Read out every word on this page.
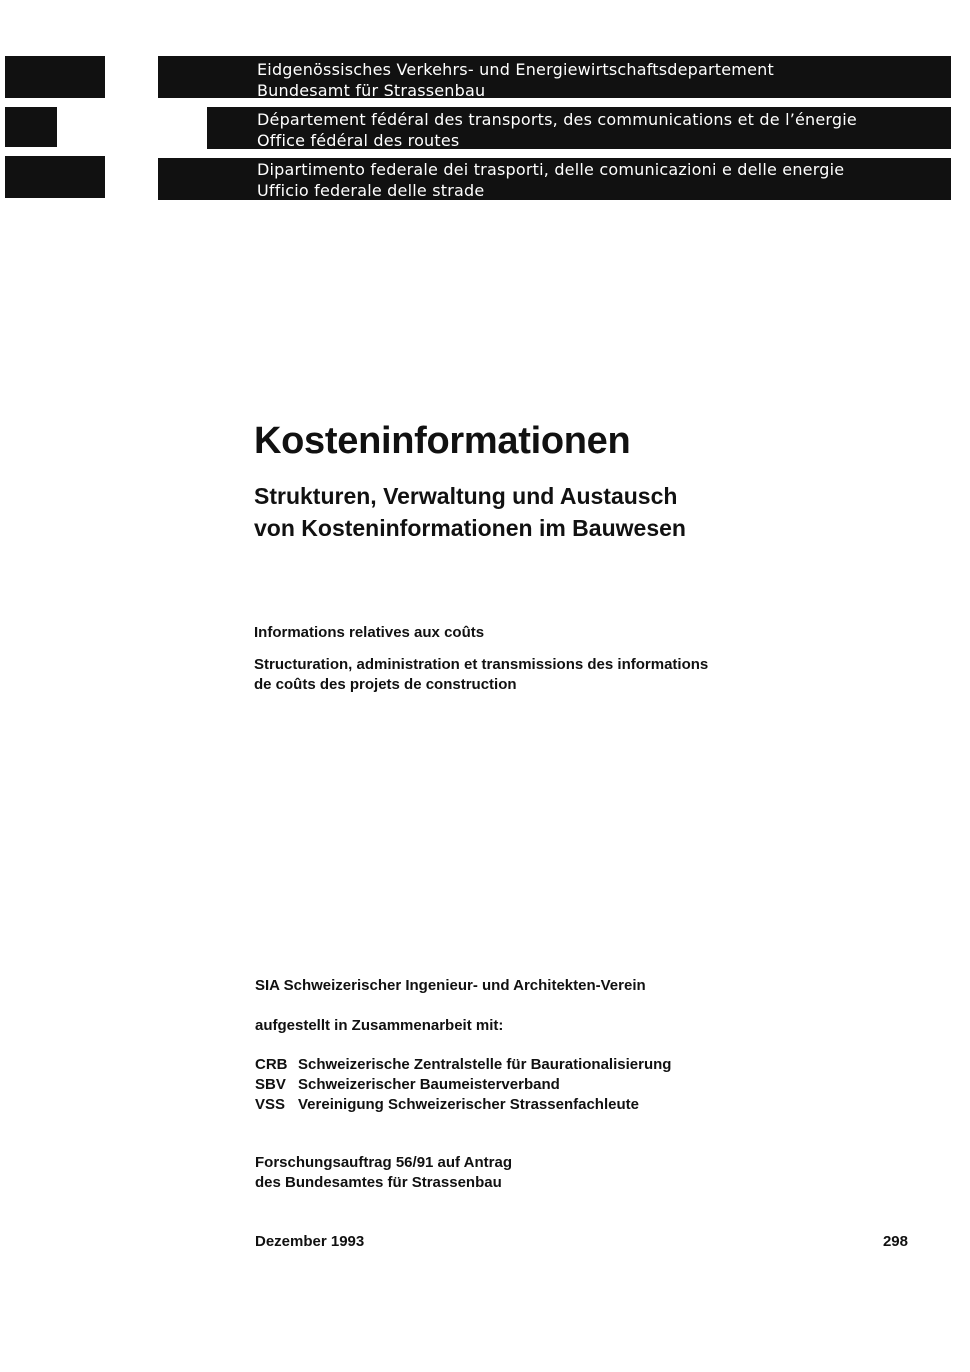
Eidgenössisches Verkehrs- und Energiewirtschaftsdepartement
Bundesamt für Strassenbau
Département fédéral des transports, des communications et de l’énergie
Office fédéral des routes
Dipartimento federale dei trasporti, delle comunicazioni e delle energie
Ufficio federale delle strade
Kosteninformationen
Strukturen, Verwaltung und Austausch
von Kosteninformationen im Bauwesen
Informations relatives aux coûts
Structuration, administration et transmissions des informations
de coûts des projets de construction
SIA Schweizerischer Ingenieur- und Architekten-Verein
aufgestellt in Zusammenarbeit mit:
CRB Schweizerische Zentralstelle für Baurationalisierung
SBV Schweizerischer Baumeisterverband
VSS Vereinigung Schweizerischer Strassenfachleute
Forschungsauftrag 56/91 auf Antrag
des Bundesamtes für Strassenbau
Dezember 1993	298
